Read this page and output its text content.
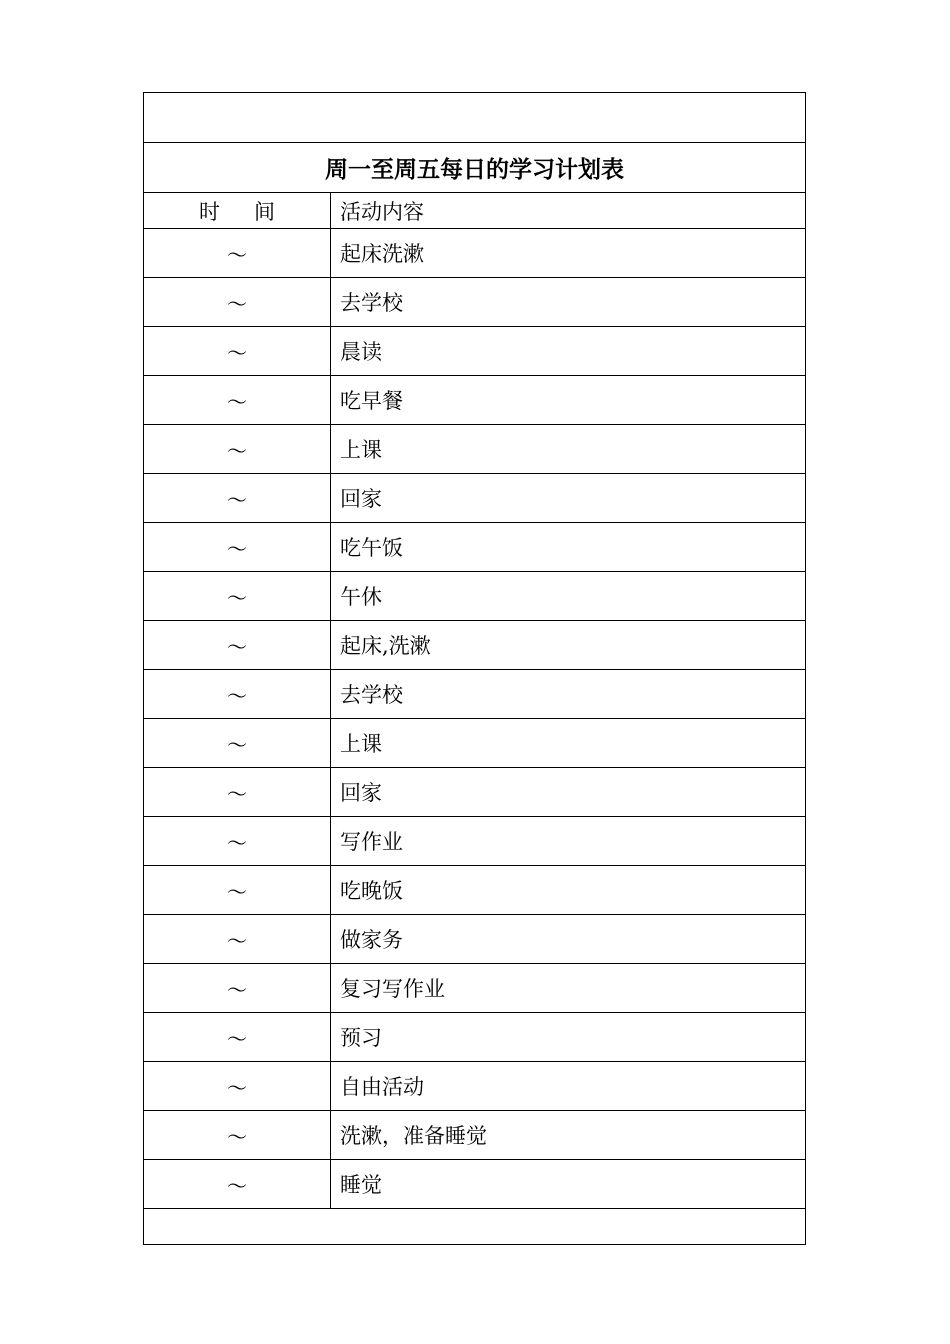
周一至周五每日的学习计划表	
时间	活动内容
～	起床洗漱
～	去学校
～	晨读
～	吃早餐
～	上课
～	回家
～	吃午饭
～	午休
～	起床,洗漱
～	去学校
～	上课
～	回家
～	写作业
～	吃晚饭
～	做家务
～	复习写作业
～	预习
～	自由活动
～	洗漱，准备睡觉
～	睡觉
